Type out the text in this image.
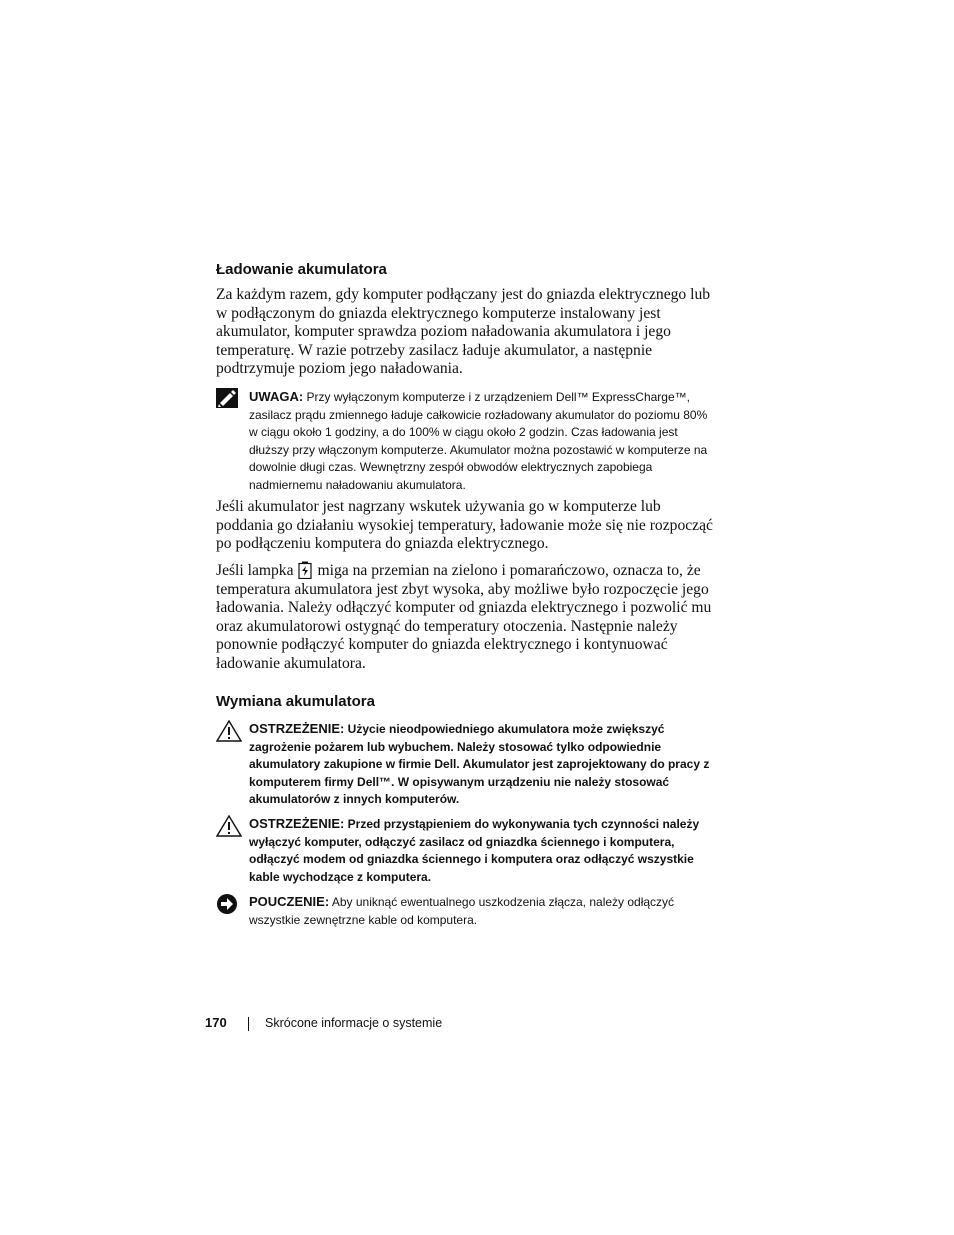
Ładowanie akumulatora

Za każdym razem, gdy komputer podłączany jest do gniazda elektrycznego lub w podłączonym do gniazda elektrycznego komputerze instalowany jest akumulator, komputer sprawdza poziom naładowania akumulatora i jego temperaturę. W razie potrzeby zasilacz ładuje akumulator, a następnie podtrzymuje poziom jego naładowania.

UWAGA: Przy wyłączonym komputerze i z urządzeniem Dell™ ExpressCharge™, zasilacz prądu zmiennego ładuje całkowicie rozładowany akumulator do poziomu 80% w ciągu około 1 godziny, a do 100% w ciągu około 2 godzin. Czas ładowania jest dłuższy przy włączonym komputerze. Akumulator można pozostawić w komputerze na dowolnie długi czas. Wewnętrzny zespół obwodów elektrycznych zapobiega nadmiernemu naładowaniu akumulatora.

Jeśli akumulator jest nagrzany wskutek używania go w komputerze lub poddania go działaniu wysokiej temperatury, ładowanie może się nie rozpocząć po podłączeniu komputera do gniazda elektrycznego.

Jeśli lampka miga na przemian na zielono i pomarańczowo, oznacza to, że temperatura akumulatora jest zbyt wysoka, aby możliwe było rozpoczęcie jego ładowania. Należy odłączyć komputer od gniazda elektrycznego i pozwolić mu oraz akumulatorowi ostygnąć do temperatury otoczenia. Następnie należy ponownie podłączyć komputer do gniazda elektrycznego i kontynuować ładowanie akumulatora.

Wymiana akumulatora
OSTRZEŻENIE: Użycie nieodpowiedniego akumulatora może zwiększyć zagrożenie pożarem lub wybuchem. Należy stosować tylko odpowiednie akumulatory zakupione w firmie Dell. Akumulator jest zaprojektowany do pracy z komputerem firmy Dell™. W opisywanym urządzeniu nie należy stosować akumulatorów z innych komputerów.
OSTRZEŻENIE: Przed przystąpieniem do wykonywania tych czynności należy wyłączyć komputer, odłączyć zasilacz od gniazdka ściennego i komputera, odłączyć modem od gniazdka ściennego i komputera oraz odłączyć wszystkie kable wychodzące z komputera.
POUCZENIE: Aby uniknąć ewentualnego uszkodzenia złącza, należy odłączyć wszystkie zewnętrzne kable od komputera.
170	Skrócone informacje o systemie
